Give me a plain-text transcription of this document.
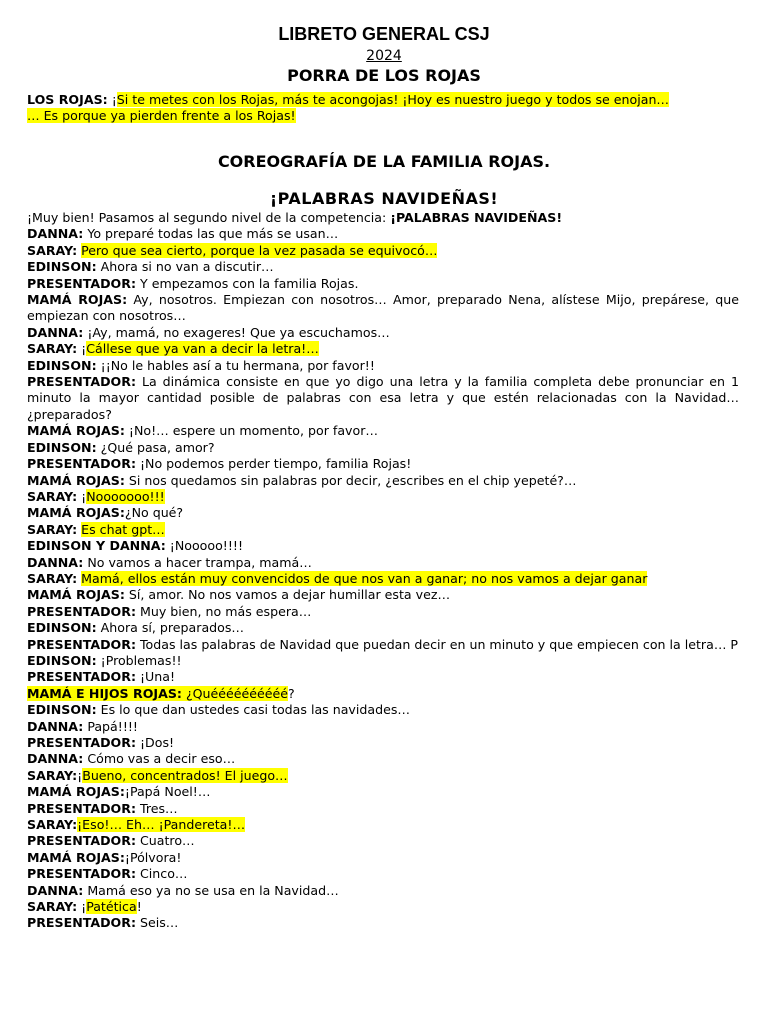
LIBRETO GENERAL CSJ
2024
PORRA DE LOS ROJAS
LOS ROJAS: ¡Si te metes con los Rojas, más te acongojas! ¡Hoy es nuestro juego y todos se enojan…
… Es porque ya pierden frente a los Rojas!
COREOGRAFÍA DE LA FAMILIA ROJAS.
¡PALABRAS NAVIDEÑAS!
¡Muy bien! Pasamos al segundo nivel de la competencia: ¡PALABRAS NAVIDEÑAS!
DANNA: Yo preparé todas las que más se usan…
SARAY: Pero que sea cierto, porque la vez pasada se equivocó…
EDINSON: Ahora si no van a discutir…
PRESENTADOR: Y empezamos con la familia Rojas.
MAMÁ ROJAS: Ay, nosotros. Empiezan con nosotros… Amor, preparado Nena, alístese Mijo, prepárese, que empiezan con nosotros…
DANNA: ¡Ay, mamá, no exageres! Que ya escuchamos…
SARAY: ¡Cállese que ya van a decir la letra!…
EDINSON: ¡¡No le hables así a tu hermana, por favor!!
PRESENTADOR: La dinámica consiste en que yo digo una letra y la familia completa debe pronunciar en 1 minuto la mayor cantidad posible de palabras con esa letra y que estén relacionadas con la Navidad… ¿preparados?
MAMÁ ROJAS: ¡No!… espere un momento, por favor…
EDINSON: ¿Qué pasa, amor?
PRESENTADOR: ¡No podemos perder tiempo, familia Rojas!
MAMÁ ROJAS: Si nos quedamos sin palabras por decir, ¿escribes en el chip yepeté?…
SARAY: ¡Nooooooo!!!
MAMÁ ROJAS:¿No qué?
SARAY: Es chat gpt…
EDINSON Y DANNA: ¡Nooooo!!!!
DANNA: No vamos a hacer trampa, mamá…
SARAY: Mamá, ellos están muy convencidos de que nos van a ganar; no nos vamos a dejar ganar
MAMÁ ROJAS: Sí, amor. No nos vamos a dejar humillar esta vez…
PRESENTADOR: Muy bien, no más espera…
EDINSON: Ahora sí, preparados…
PRESENTADOR: Todas las palabras de Navidad que puedan decir en un minuto y que empiecen con la letra… P
EDINSON: ¡Problemas!!
PRESENTADOR: ¡Una!
MAMÁ E HIJOS ROJAS: ¿Quéééééééééé?
EDINSON: Es lo que dan ustedes casi todas las navidades…
DANNA: Papá!!!!
PRESENTADOR: ¡Dos!
DANNA: Cómo vas a decir eso…
SARAY:¡Bueno, concentrados! El juego…
MAMÁ ROJAS:¡Papá Noel!…
PRESENTADOR: Tres…
SARAY:¡Eso!… Eh… ¡Pandereta!…
PRESENTADOR: Cuatro…
MAMÁ ROJAS:¡Pólvora!
PRESENTADOR: Cinco…
DANNA: Mamá eso ya no se usa en la Navidad…
SARAY: ¡Patética!
PRESENTADOR: Seis…
